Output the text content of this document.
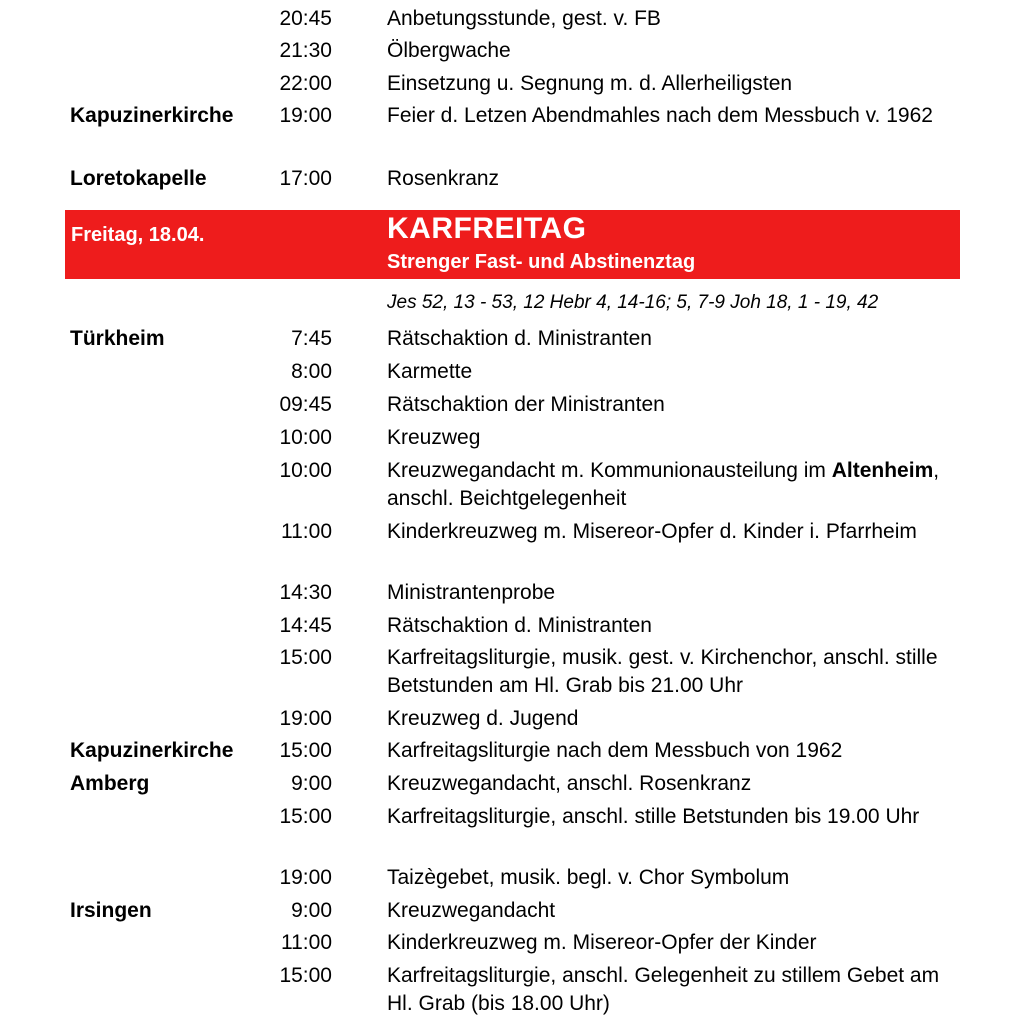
20:45	Anbetungsstunde, gest. v. FB
21:30	Ölbergwache
22:00	Einsetzung u. Segnung m. d. Allerheiligsten
Kapuzinerkirche	19:00	Feier d. Letzen Abendmahles nach dem Messbuch v. 1962
Loretokapelle	17:00	Rosenkranz
Freitag, 18.04.	KARFREITAG
Strenger Fast- und Abstinenztag
Jes 52, 13 - 53, 12 Hebr 4, 14-16; 5, 7-9 Joh 18, 1 - 19, 42
Türkheim	7:45	Rätschaktion d. Ministranten
8:00	Karmette
09:45	Rätschaktion der Ministranten
10:00	Kreuzweg
10:00	Kreuzwegandacht m. Kommunionausteilung im Altenheim, anschl. Beichtgelegenheit
11:00	Kinderkreuzweg m. Misereor-Opfer d. Kinder i. Pfarrheim
14:30	Ministrantenprobe
14:45	Rätschaktion d. Ministranten
15:00	Karfreitagsliturgie, musik. gest. v. Kirchenchor, anschl. stille Betstunden am Hl. Grab bis 21.00 Uhr
19:00	Kreuzweg d. Jugend
Kapuzinerkirche	15:00	Karfreitagsliturgie nach dem Messbuch von 1962
Amberg	9:00	Kreuzwegandacht, anschl. Rosenkranz
15:00	Karfreitagsliturgie, anschl. stille Betstunden bis 19.00 Uhr
19:00	Taizègebet, musik. begl. v. Chor Symbolum
Irsingen	9:00	Kreuzwegandacht
11:00	Kinderkreuzweg m. Misereor-Opfer der Kinder
15:00	Karfreitagsliturgie, anschl. Gelegenheit zu stillem Gebet am Hl. Grab (bis 18.00 Uhr)
